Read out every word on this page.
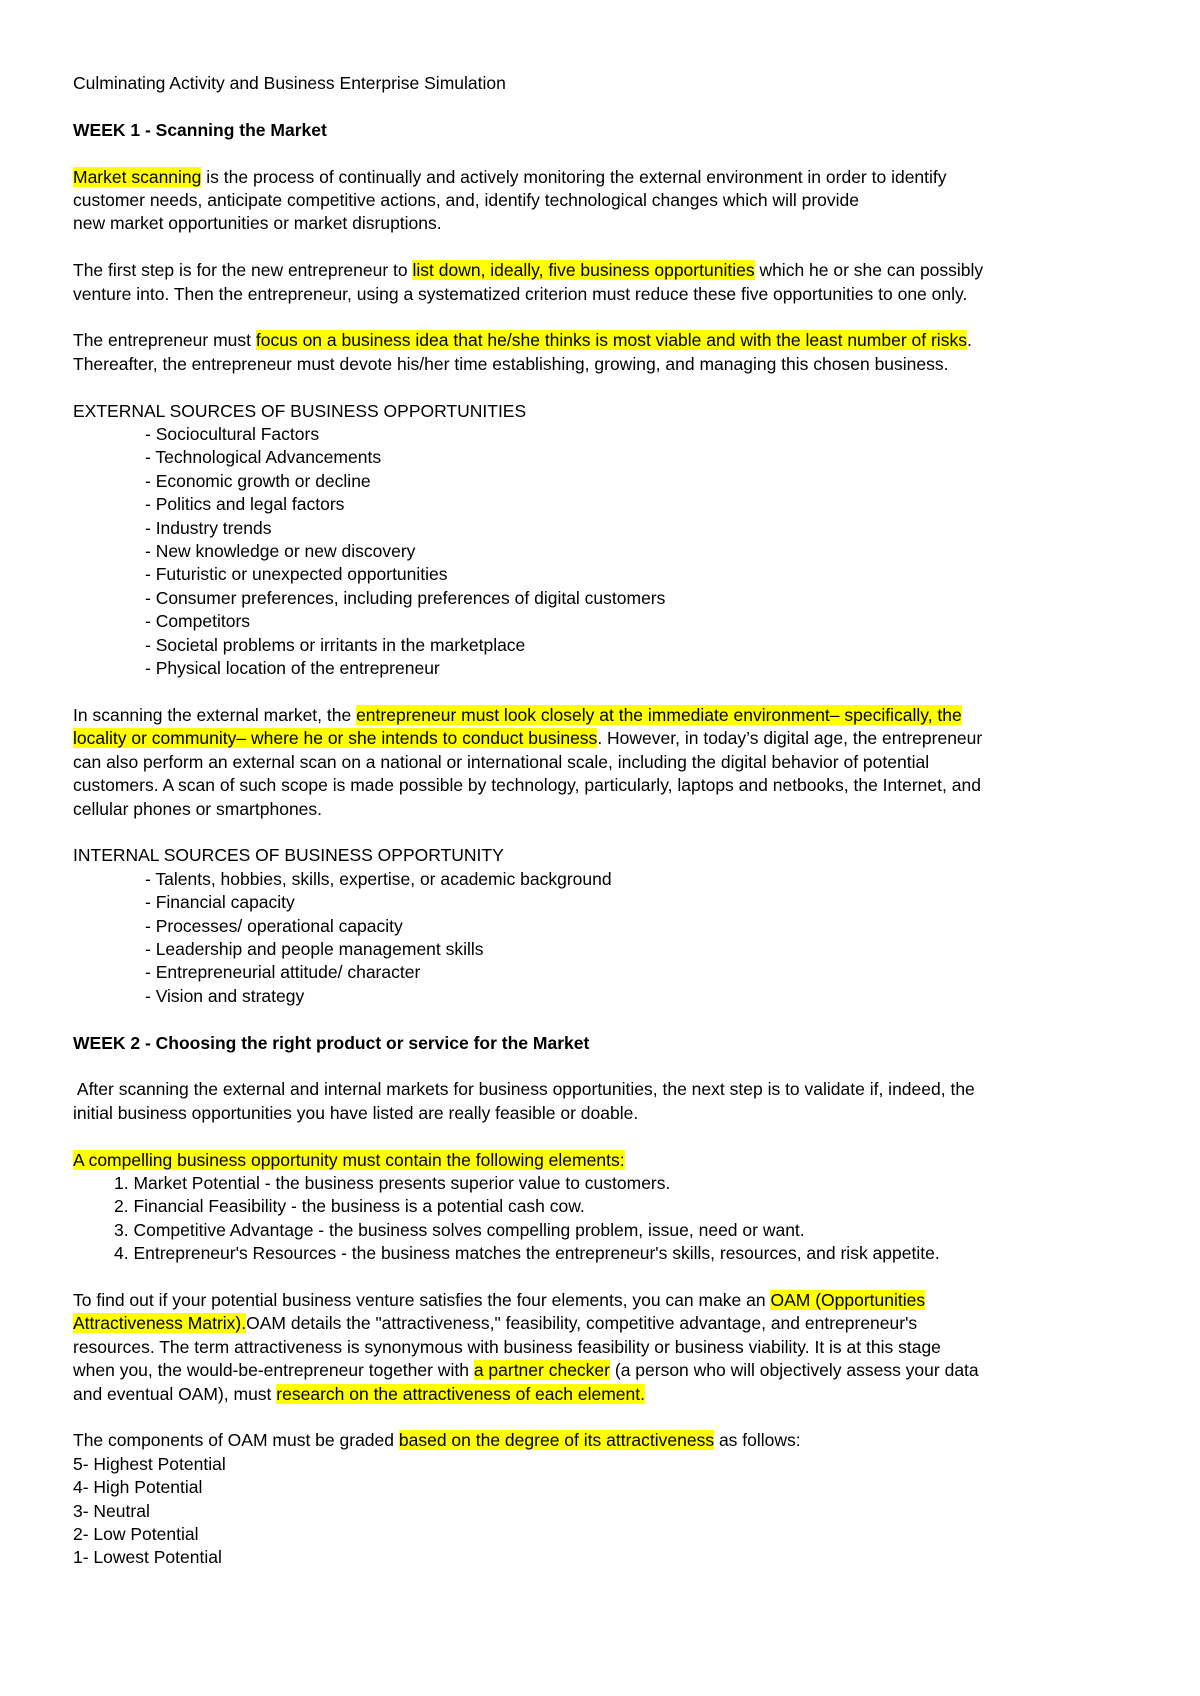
Culminating Activity and Business Enterprise Simulation
WEEK 1 - Scanning the Market
Market scanning is the process of continually and actively monitoring the external environment in order to identify
customer needs, anticipate competitive actions, and, identify technological changes which will provide
new market opportunities or market disruptions.
The first step is for the new entrepreneur to list down, ideally, five business opportunities which he or she can possibly
venture into. Then the entrepreneur, using a systematized criterion must reduce these five opportunities to one only.
The entrepreneur must focus on a business idea that he/she thinks is most viable and with the least number of risks.
Thereafter, the entrepreneur must devote his/her time establishing, growing, and managing this chosen business.
EXTERNAL SOURCES OF BUSINESS OPPORTUNITIES
- Sociocultural Factors
- Technological Advancements
- Economic growth or decline
- Politics and legal factors
- Industry trends
- New knowledge or new discovery
- Futuristic or unexpected opportunities
- Consumer preferences, including preferences of digital customers
- Competitors
- Societal problems or irritants in the marketplace
- Physical location of the entrepreneur
In scanning the external market, the entrepreneur must look closely at the immediate environment– specifically, the
locality or community– where he or she intends to conduct business. However, in today’s digital age, the entrepreneur
can also perform an external scan on a national or international scale, including the digital behavior of potential
customers. A scan of such scope is made possible by technology, particularly, laptops and netbooks, the Internet, and
cellular phones or smartphones.
INTERNAL SOURCES OF BUSINESS OPPORTUNITY
- Talents, hobbies, skills, expertise, or academic background
- Financial capacity
- Processes/ operational capacity
- Leadership and people management skills
- Entrepreneurial attitude/ character
- Vision and strategy
WEEK 2 - Choosing the right product or service for the Market
After scanning the external and internal markets for business opportunities, the next step is to validate if, indeed, the
initial business opportunities you have listed are really feasible or doable.
A compelling business opportunity must contain the following elements:
1. Market Potential - the business presents superior value to customers.
2. Financial Feasibility - the business is a potential cash cow.
3. Competitive Advantage - the business solves compelling problem, issue, need or want.
4. Entrepreneur's Resources - the business matches the entrepreneur's skills, resources, and risk appetite.
To find out if your potential business venture satisfies the four elements, you can make an OAM (Opportunities
Attractiveness Matrix).OAM details the "attractiveness," feasibility, competitive advantage, and entrepreneur's
resources. The term attractiveness is synonymous with business feasibility or business viability. It is at this stage
when you, the would-be-entrepreneur together with a partner checker (a person who will objectively assess your data
and eventual OAM), must research on the attractiveness of each element.
The components of OAM must be graded based on the degree of its attractiveness as follows:
5- Highest Potential
4- High Potential
3- Neutral
2- Low Potential
1- Lowest Potential
